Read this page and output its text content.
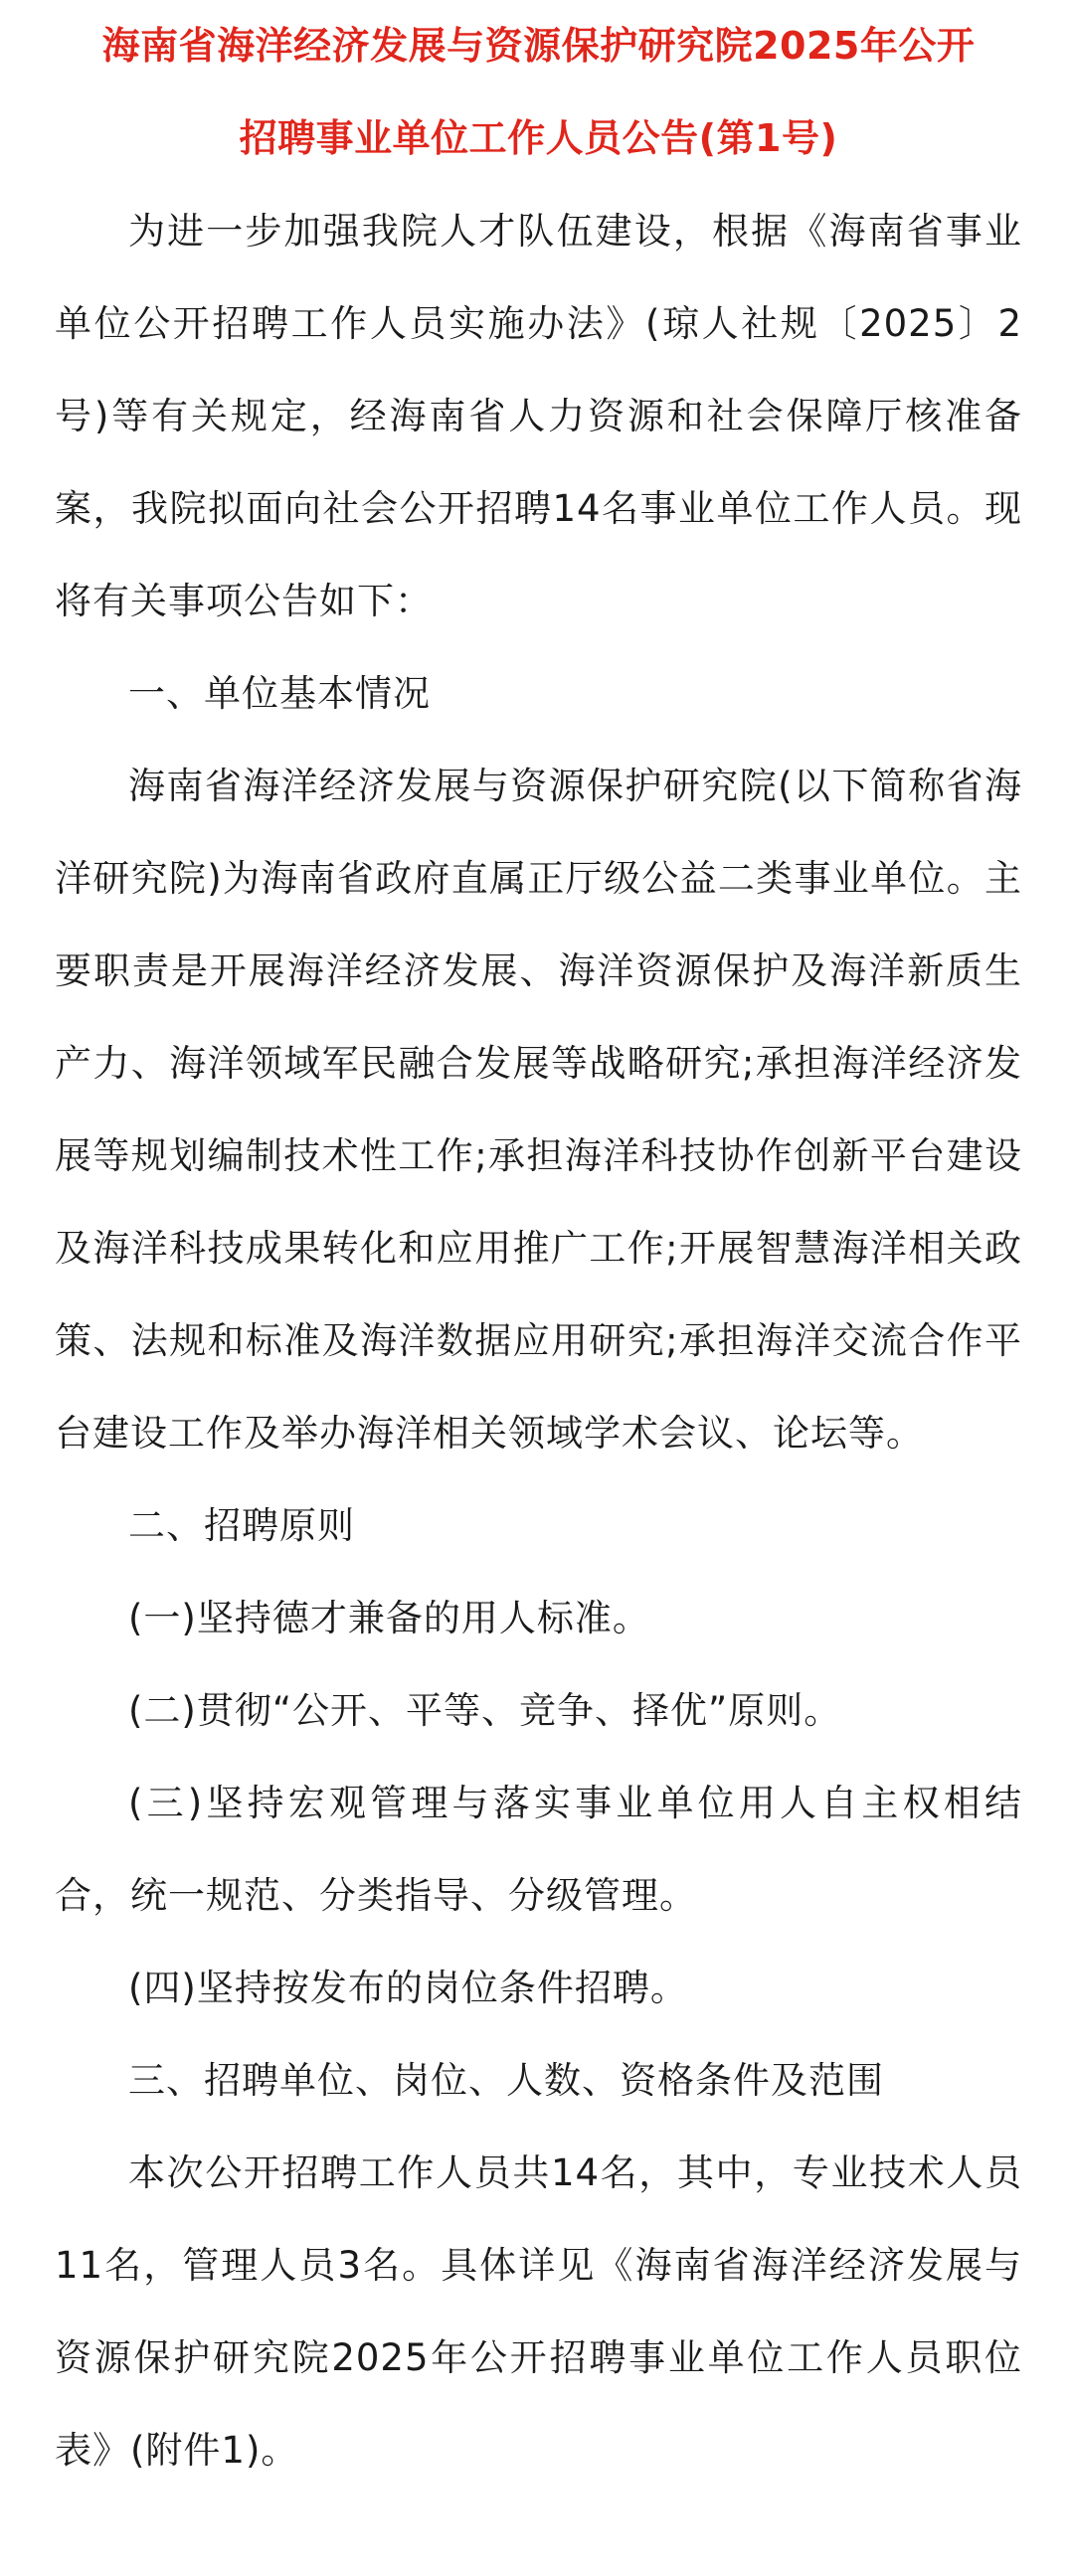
海南省海洋经济发展与资源保护研究院2025年公开
招聘事业单位工作人员公告(第1号)

为进一步加强我院人才队伍建设，根据《海南省事业单位公开招聘工作人员实施办法》(琼人社规〔2025〕2号)等有关规定，经海南省人力资源和社会保障厅核准备案，我院拟面向社会公开招聘14名事业单位工作人员。现将有关事项公告如下：

一、单位基本情况

海南省海洋经济发展与资源保护研究院(以下简称省海洋研究院)为海南省政府直属正厅级公益二类事业单位。主要职责是开展海洋经济发展、海洋资源保护及海洋新质生产力、海洋领域军民融合发展等战略研究;承担海洋经济发展等规划编制技术性工作;承担海洋科技协作创新平台建设及海洋科技成果转化和应用推广工作;开展智慧海洋相关政策、法规和标准及海洋数据应用研究;承担海洋交流合作平台建设工作及举办海洋相关领域学术会议、论坛等。

二、招聘原则

(一)坚持德才兼备的用人标准。

(二)贯彻“公开、平等、竞争、择优”原则。

(三)坚持宏观管理与落实事业单位用人自主权相结合，统一规范、分类指导、分级管理。

(四)坚持按发布的岗位条件招聘。

三、招聘单位、岗位、人数、资格条件及范围

本次公开招聘工作人员共14名，其中，专业技术人员11名，管理人员3名。具体详见《海南省海洋经济发展与资源保护研究院2025年公开招聘事业单位工作人员职位表》(附件1)。
